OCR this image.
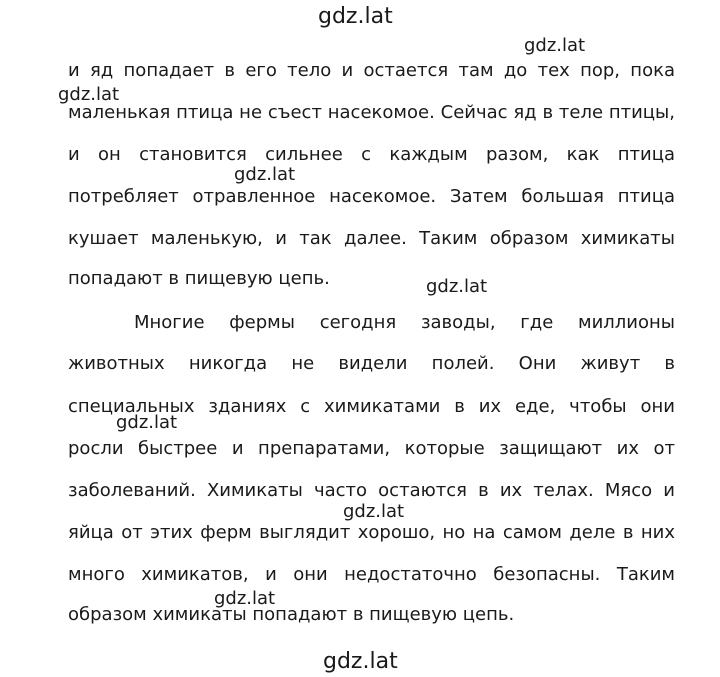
gdz.lat
gdz.lat
и яд попадает в его тело и остается там до тех пор, пока
gdz.lat
маленькая птица не съест насекомое. Сейчас яд в теле птицы,
и он становится сильнее с каждым разом, как птица
gdz.lat
потребляет отравленное насекомое. Затем большая птица
кушает маленькую, и так далее. Таким образом химикаты
попадают в пищевую цепь.	gdz.lat
Многие фермы сегодня заводы, где миллионы
животных никогда не видели полей. Они живут в
специальных зданиях с химикатами в их еде, чтобы они
gdz.lat
росли быстрее и препаратами, которые защищают их от
заболеваний. Химикаты часто остаются в их телах. Мясо и
gdz.lat
яйца от этих ферм выглядит хорошо, но на самом деле в них
много химикатов, и они недостаточно безопасны. Таким
gdz.lat
образом химикаты попадают в пищевую цепь.
gdz.lat
